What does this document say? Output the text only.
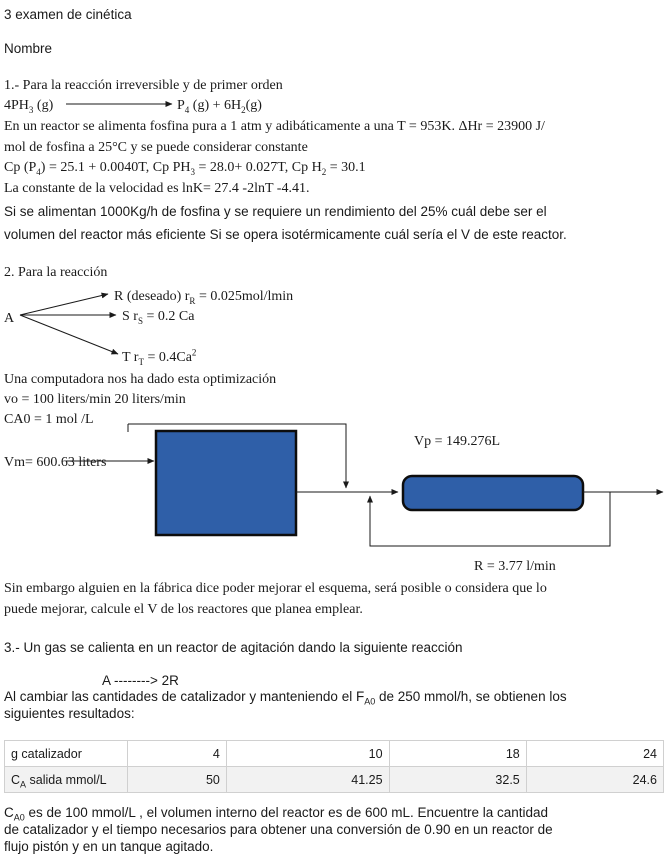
3 examen de cinética
Nombre
1.- Para la reacción irreversible y de primer orden
$4PH_3$ (g)	$P_4$ $(g) + 6H_2(g)$
En un reactor se alimenta fosfina pura a 1 atm y adibáticamente a una T = 953K. ΔHr = 23900 J/
mol de fosfina a 25°C y se puede considerar constante
Cp $(P_4) = 25.1 + 0.0040T$, Cp $PH_3 = 28.0+ 0.027T$, Cp $H_2 = 30.1$
La constante de la velocidad es lnK= 27.4 -2lnT -4.41.
Si se alimentan 1000Kg/h de fosfina y se requiere un rendimiento del 25% cuál debe ser el
volumen del reactor más eficiente Si se opera isotérmicamente cuál sería el V de este reactor.
2. Para la reacción
A
R (deseado) $r_R = 0.025mol/lmin$
S $r_S = 0.2$ Ca
T $r_T = 0.4Ca^2$
Una computadora nos ha dado esta optimización
vo = 100 liters/min 20 liters/min
CA0 = 1 mol /L
Vm= 600.63 liters
Vp = 149.276L
R = 3.77 l/min
Sin embargo alguien en la fábrica dice poder mejorar el esquema, será posible o considera que lo
puede mejorar, calcule el V de los reactores que planea emplear.
3.- Un gas se calienta en un reactor de agitación dando la siguiente reacción
A --------> 2R
Al cambiar las cantidades de catalizador y manteniendo el $F_{A0}$ de 250 mmol/h, se obtienen los
siguientes resultados:
g catalizador	4	10	18	24
$C_A$ salida mmol/L	50	41.25	32.5	24.6
$C_{A0}$ es de 100 mmol/L , el volumen interno del reactor es de 600 mL. Encuentre la cantidad
de catalizador y el tiempo necesarios para obtener una conversión de 0.90 en un reactor de
flujo pistón y en un tanque agitado.
